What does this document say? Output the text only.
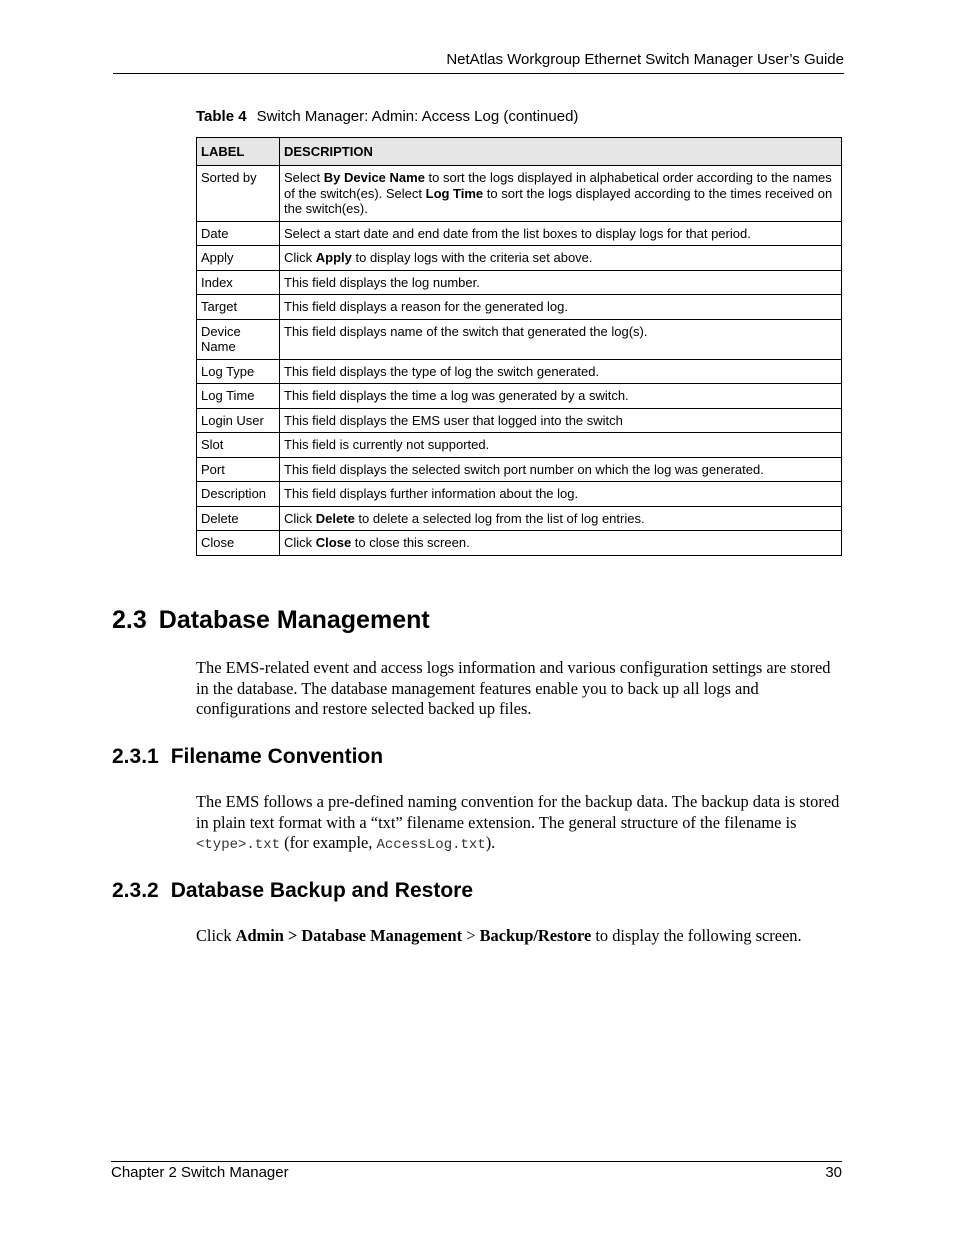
NetAtlas Workgroup Ethernet Switch Manager User’s Guide
Table 4 Switch Manager: Admin: Access Log (continued)
LABEL	DESCRIPTION
Sorted by	Select By Device Name to sort the logs displayed in alphabetical order according to the names of the switch(es). Select Log Time to sort the logs displayed according to the times received on the switch(es).
Date	Select a start date and end date from the list boxes to display logs for that period.
Apply	Click Apply to display logs with the criteria set above.
Index	This field displays the log number.
Target	This field displays a reason for the generated log.
Device Name	This field displays name of the switch that generated the log(s).
Log Type	This field displays the type of log the switch generated.
Log Time	This field displays the time a log was generated by a switch.
Login User	This field displays the EMS user that logged into the switch
Slot	This field is currently not supported.
Port	This field displays the selected switch port number on which the log was generated.
Description	This field displays further information about the log.
Delete	Click Delete to delete a selected log from the list of log entries.
Close	Click Close to close this screen.
2.3 Database Management

The EMS-related event and access logs information and various configuration settings are stored in the database. The database management features enable you to back up all logs and configurations and restore selected backed up files.

2.3.1 Filename Convention

The EMS follows a pre-defined naming convention for the backup data. The backup data is stored in plain text format with a “txt” filename extension. The general structure of the filename is <type>.txt (for example, AccessLog.txt).

2.3.2 Database Backup and Restore

Click Admin > Database Management > Backup/Restore to display the following screen.

Chapter 2 Switch Manager	30
